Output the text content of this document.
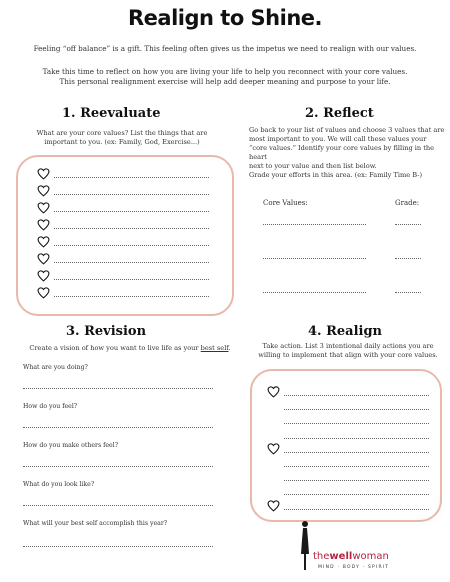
Realign to Shine.
Feeling “off balance” is a gift. This feeling often gives us the impetus we need to realign with our values.
Take this time to reflect on how you are living your life to help you reconnect with your core values.
This personal realignment exercise will help add deeper meaning and purpose to your life.
1. Reevaluate
What are your core values? List the things that are
important to you. (ex: Family, God, Exercise...)
2. Reflect
Go back to your list of values and choose 3 values that are
most important to you. We will call these values your
“core values.” Identify your core values by filling in the heart
next to your value and then list below.
Grade your efforts in this area. (ex: Family Time B-)
Core Values:	Grade:
3. Revision
Create a vision of how you want to live life as your best self.
What are you doing?
How do you feel?
How do you make others feel?
What do you look like?
What will your best self accomplish this year?
4. Realign
Take action. List 3 intentional daily actions you are
willing to implement that align with your core values.
thewellwoman
MIND · BODY · SPIRIT
